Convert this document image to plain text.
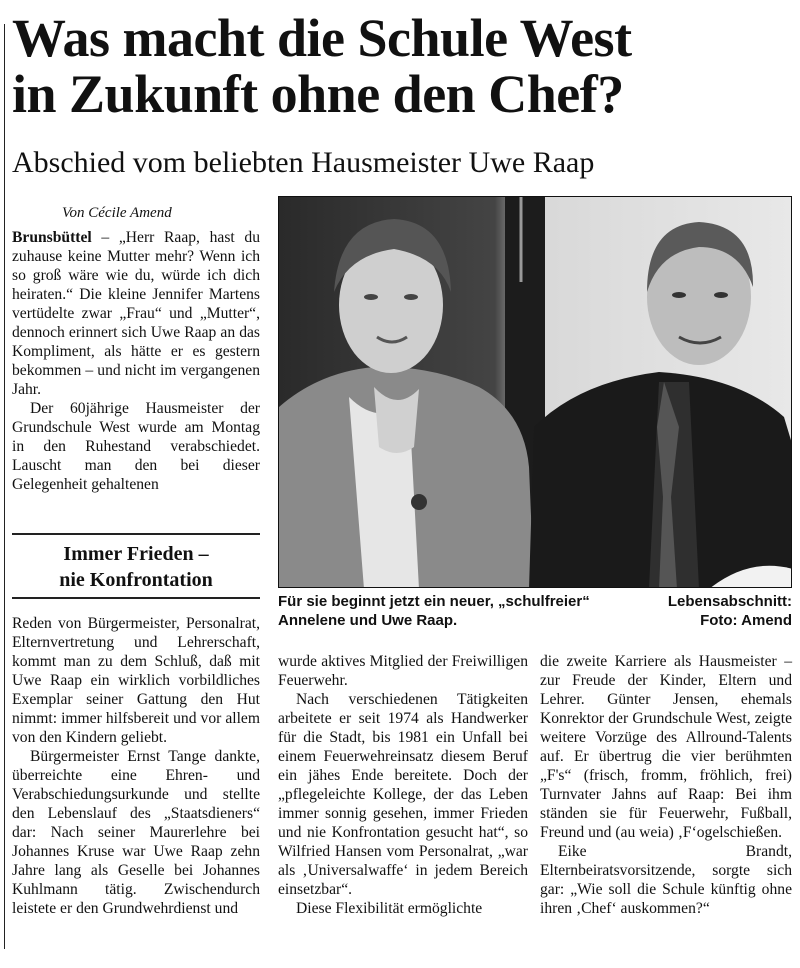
Was macht die Schule West
in Zukunft ohne den Chef?
Abschied vom beliebten Hausmeister Uwe Raap
Von Cécile Amend

Brunsbüttel – „Herr Raap, hast du zuhause keine Mutter mehr? Wenn ich so groß wäre wie du, würde ich dich heiraten.“ Die kleine Jennifer Martens vertüdelte zwar „Frau“ und „Mutter“, dennoch erinnert sich Uwe Raap an das Kompliment, als hätte er es gestern bekommen – und nicht im vergangenen Jahr.

Der 60jährige Hausmeister der Grundschule West wurde am Montag in den Ruhestand verabschiedet. Lauscht man den bei dieser Gelegenheit gehaltenen

Immer Frieden –
nie Konfrontation

Reden von Bürgermeister, Personalrat, Elternvertretung und Lehrerschaft, kommt man zu dem Schluß, daß mit Uwe Raap ein wirklich vorbildliches Exemplar seiner Gattung den Hut nimmt: immer hilfsbereit und vor allem von den Kindern geliebt.

Bürgermeister Ernst Tange dankte, überreichte eine Ehren- und Verabschiedungsurkunde und stellte den Lebenslauf des „Staatsdieners“ dar: Nach seiner Maurerlehre bei Johannes Kruse war Uwe Raap zehn Jahre lang als Geselle bei Johannes Kuhlmann tätig. Zwischendurch leistete er den Grundwehrdienst und

Für sie beginnt jetzt ein neuer, „schulfreier“	Lebensabschnitt:
Annelene und Uwe Raap.	Foto: Amend

wurde aktives Mitglied der Freiwilligen Feuerwehr.

Nach verschiedenen Tätigkeiten arbeitete er seit 1974 als Handwerker für die Stadt, bis 1981 ein Unfall bei einem Feuerwehreinsatz diesem Beruf ein jähes Ende bereitete. Doch der „pflegeleichte Kollege, der das Leben immer sonnig gesehen, immer Frieden und nie Konfrontation gesucht hat“, so Wilfried Hansen vom Personalrat, „war als ‚Universalwaffe‘ in jedem Bereich einsetzbar“.

Diese Flexibilität ermöglichte

die zweite Karriere als Hausmeister – zur Freude der Kinder, Eltern und Lehrer. Günter Jensen, ehemals Konrektor der Grundschule West, zeigte weitere Vorzüge des Allround-Talents auf. Er übertrug die vier berühmten „F's“ (frisch, fromm, fröhlich, frei) Turnvater Jahns auf Raap: Bei ihm ständen sie für Feuerwehr, Fußball, Freund und (au weia) ‚F‘ogelschießen.

Eike Brandt, Elternbeiratsvorsitzende, sorgte sich gar: „Wie soll die Schule künftig ohne ihren ‚Chef‘ auskommen?“
